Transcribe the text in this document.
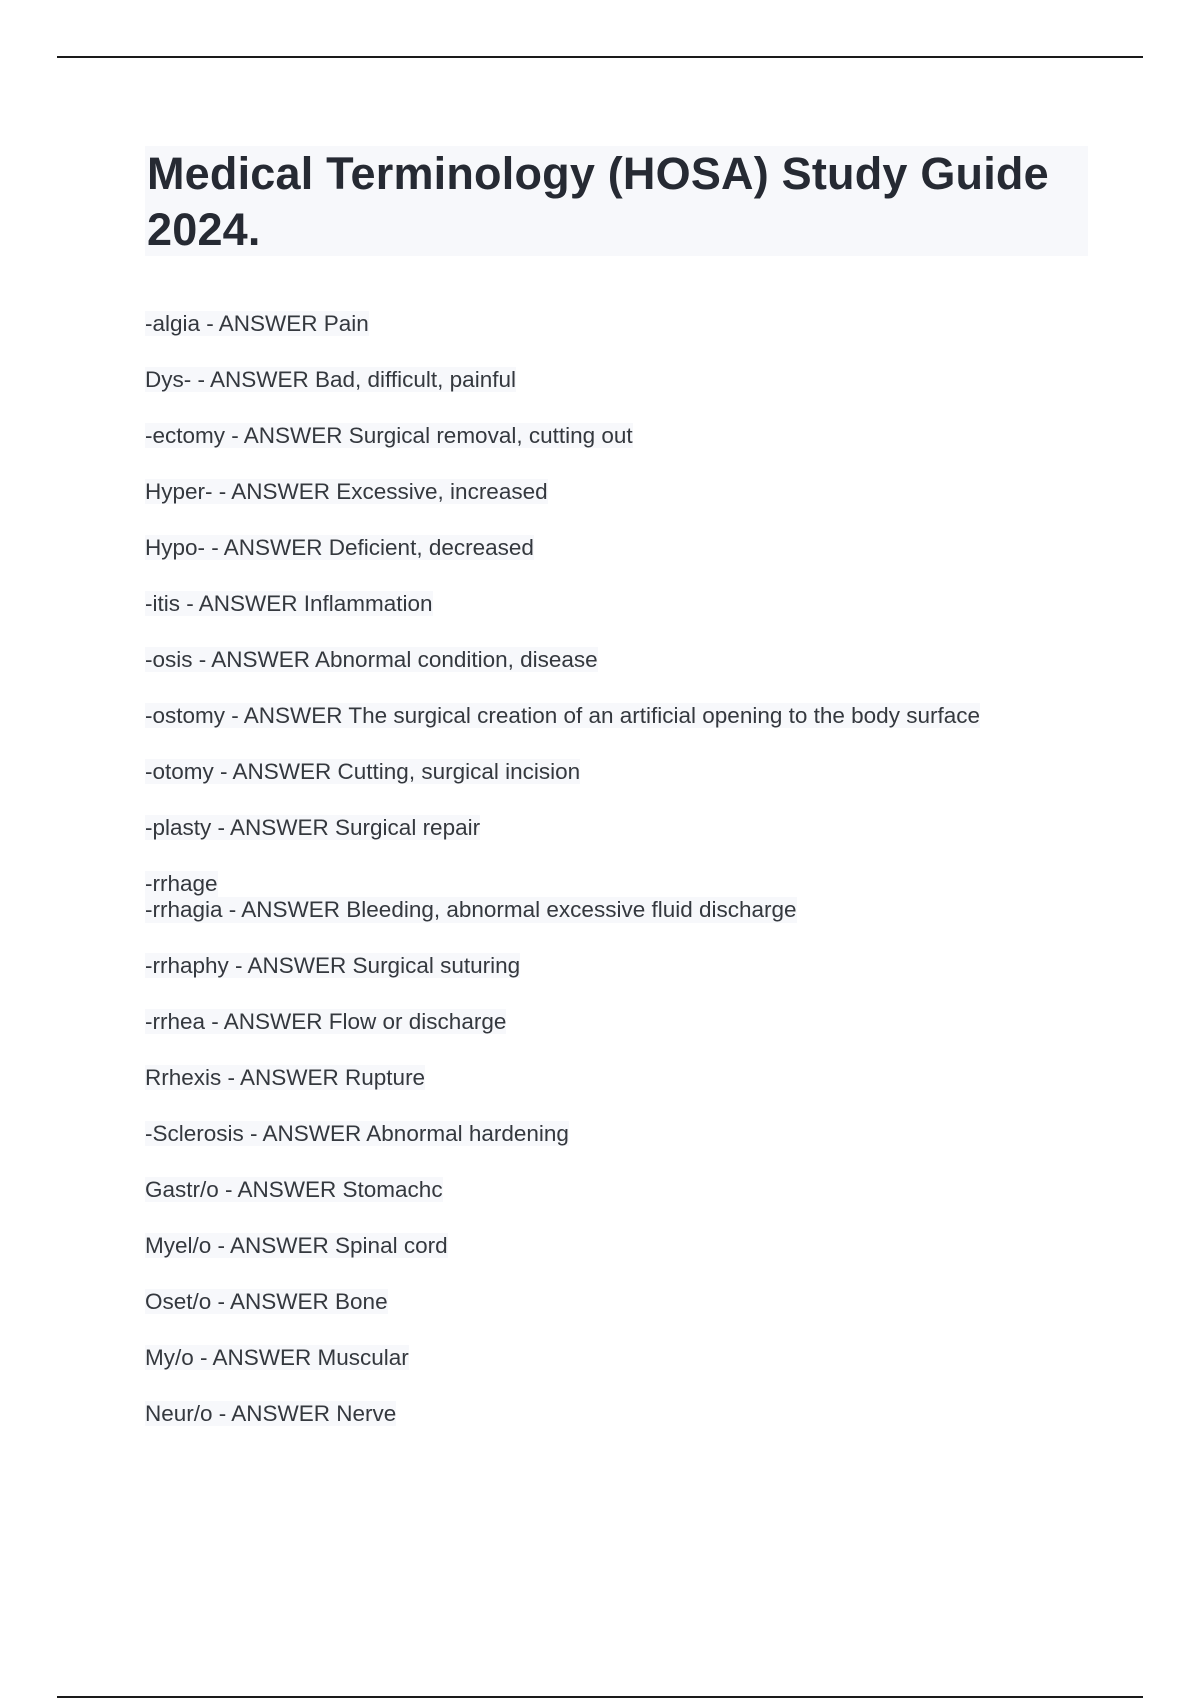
Medical Terminology (HOSA) Study Guide 2024.
-algia - ANSWER Pain
Dys- - ANSWER Bad, difficult, painful
-ectomy - ANSWER Surgical removal, cutting out
Hyper- - ANSWER Excessive, increased
Hypo- - ANSWER Deficient, decreased
-itis - ANSWER Inflammation
-osis - ANSWER Abnormal condition, disease
-ostomy - ANSWER The surgical creation of an artificial opening to the body surface
-otomy - ANSWER Cutting, surgical incision
-plasty - ANSWER Surgical repair
-rrhage
-rrhagia - ANSWER Bleeding, abnormal excessive fluid discharge
-rrhaphy - ANSWER Surgical suturing
-rrhea - ANSWER Flow or discharge
Rrhexis - ANSWER Rupture
-Sclerosis - ANSWER Abnormal hardening
Gastr/o - ANSWER Stomachc
Myel/o - ANSWER Spinal cord
Oset/o - ANSWER Bone
My/o - ANSWER Muscular
Neur/o - ANSWER Nerve
